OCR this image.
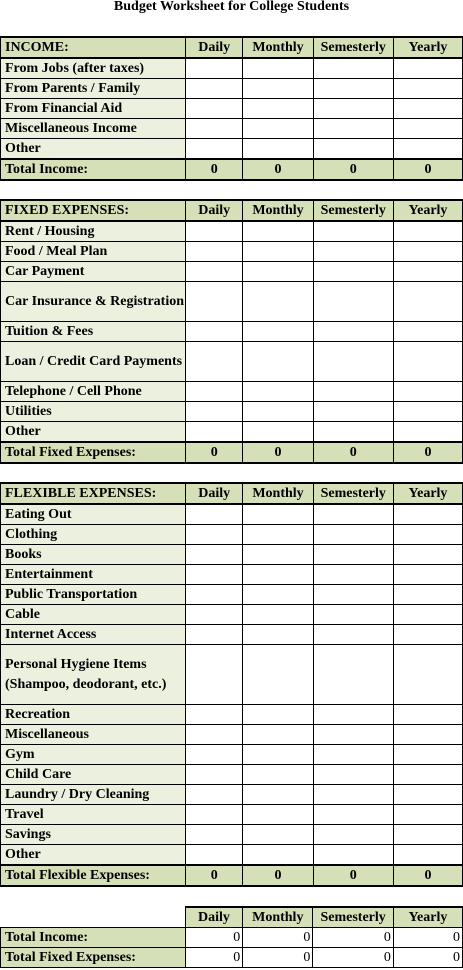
Budget Worksheet for College Students
INCOME:	Daily	Monthly	Semesterly	Yearly
From Jobs (after taxes)				
From Parents / Family				
From Financial Aid				
Miscellaneous Income				
Other				
Total Income:	0	0	0	0
FIXED EXPENSES:	Daily	Monthly	Semesterly	Yearly
Rent / Housing				
Food / Meal Plan				
Car Payment				
Car Insurance & Registration				
Tuition & Fees				
Loan / Credit Card Payments				
Telephone / Cell Phone				
Utilities				
Other				
Total Fixed Expenses:	0	0	0	0
FLEXIBLE EXPENSES:	Daily	Monthly	Semesterly	Yearly
Eating Out				
Clothing				
Books				
Entertainment				
Public Transportation				
Cable				
Internet Access				
Personal Hygiene Items (Shampoo, deodorant, etc.)				
Recreation				
Miscellaneous				
Gym				
Child Care				
Laundry / Dry Cleaning				
Travel				
Savings				
Other				
Total Flexible Expenses:	0	0	0	0
	Daily	Monthly	Semesterly	Yearly
Total Income:	0	0	0	0
Total Fixed Expenses:	0	0	0	0
